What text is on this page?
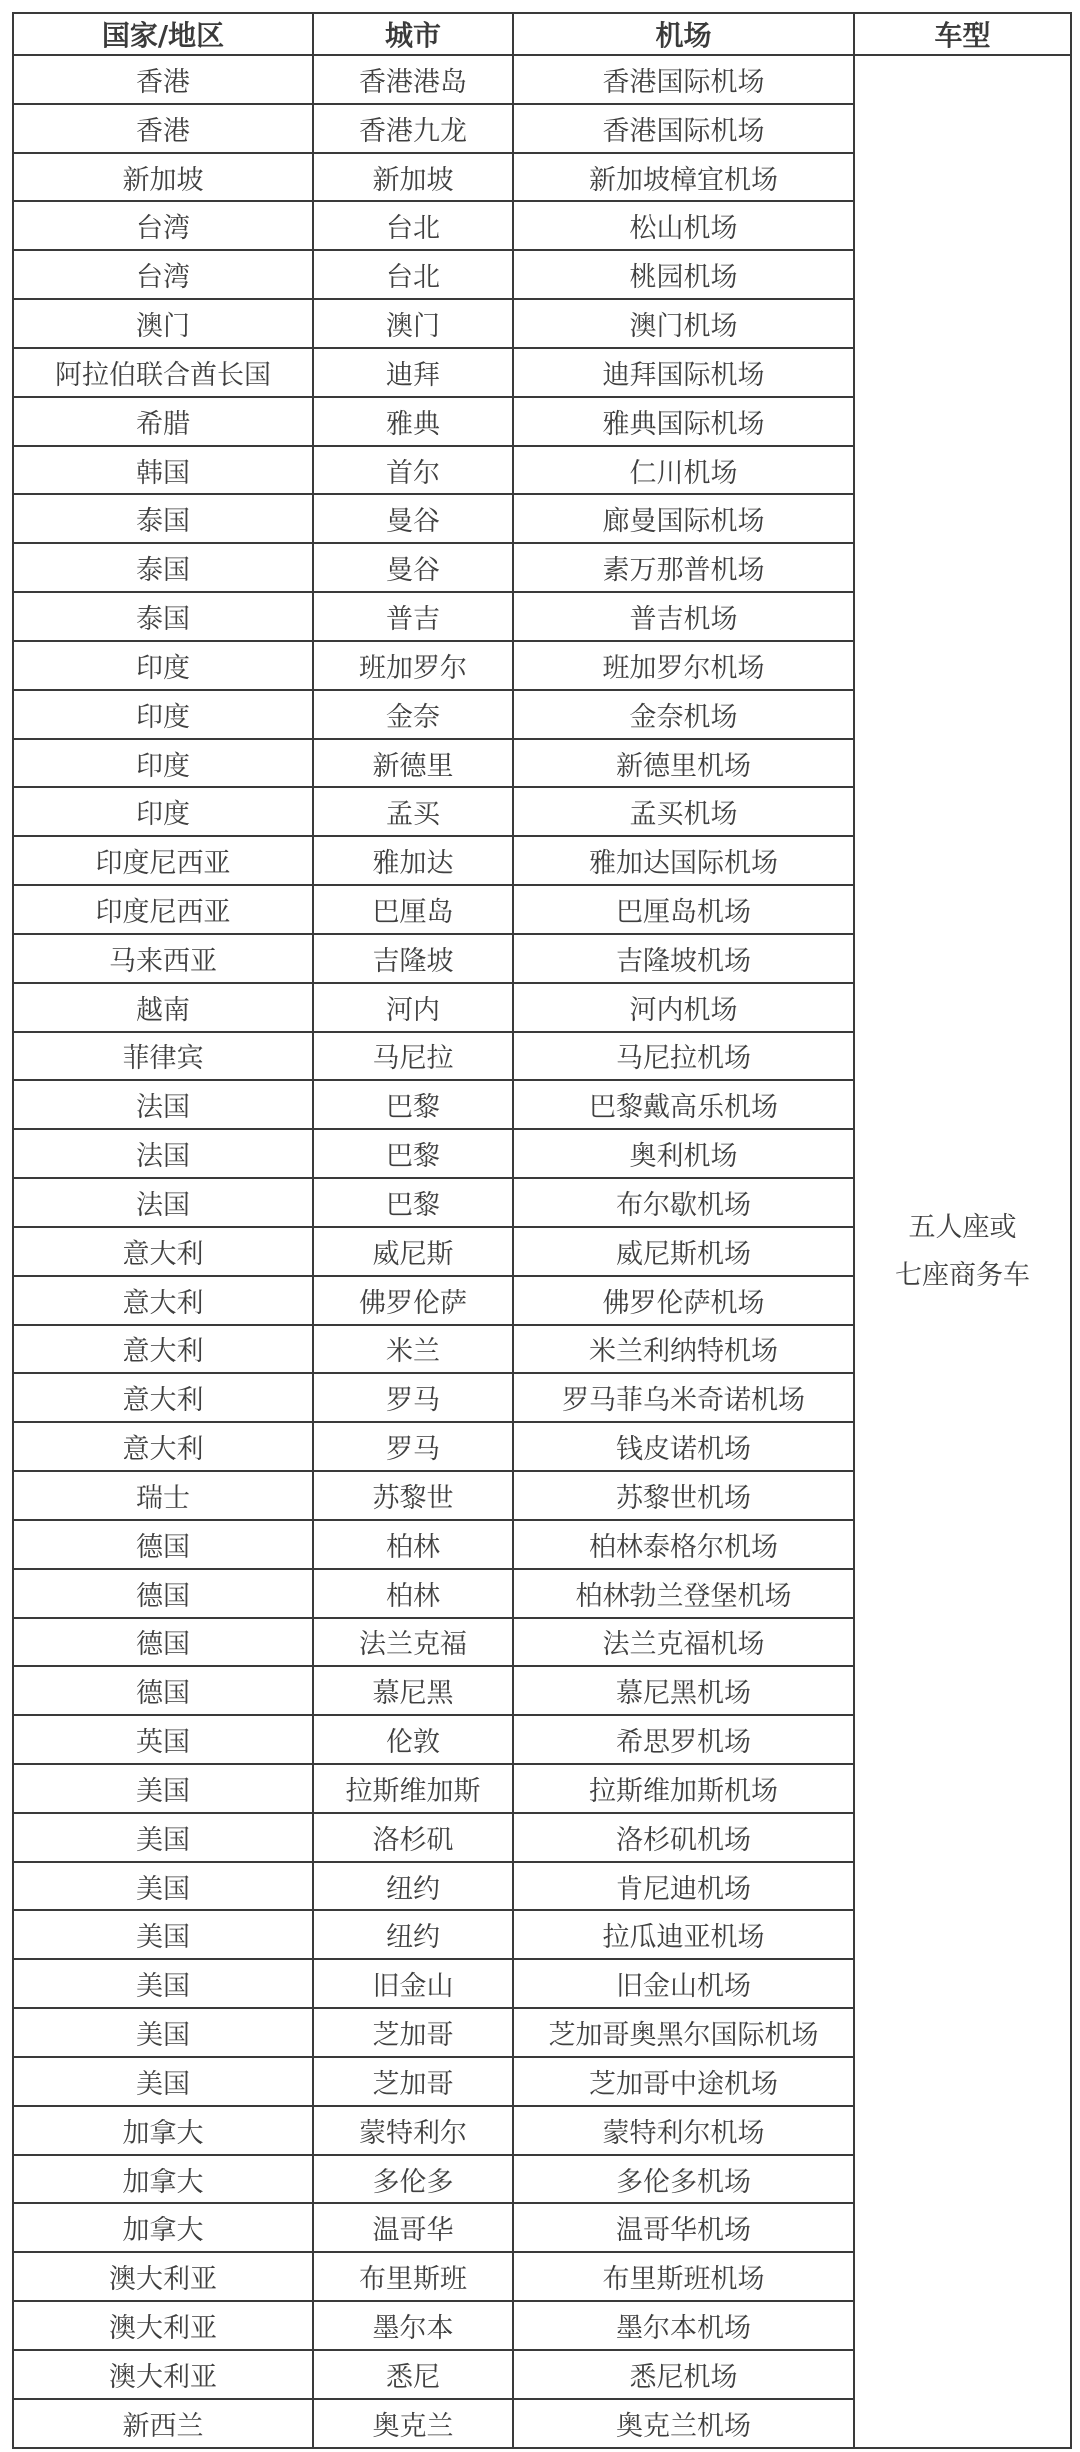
国家/地区	城市	机场	车型
香港	香港港岛	香港国际机场	五人座或
七座商务车

香港	香港九龙	香港国际机场	
新加坡	新加坡	新加坡樟宜机场	
台湾	台北	松山机场	
台湾	台北	桃园机场	
澳门	澳门	澳门机场	
阿拉伯联合酋长国	迪拜	迪拜国际机场	
希腊	雅典	雅典国际机场	
韩国	首尔	仁川机场	
泰国	曼谷	廊曼国际机场	
泰国	曼谷	素万那普机场	
泰国	普吉	普吉机场	
印度	班加罗尔	班加罗尔机场	
印度	金奈	金奈机场	
印度	新德里	新德里机场	
印度	孟买	孟买机场	
印度尼西亚	雅加达	雅加达国际机场	
印度尼西亚	巴厘岛	巴厘岛机场	
马来西亚	吉隆坡	吉隆坡机场	
越南	河内	河内机场	
菲律宾	马尼拉	马尼拉机场	
法国	巴黎	巴黎戴高乐机场	
法国	巴黎	奥利机场	
法国	巴黎	布尔歇机场	
意大利	威尼斯	威尼斯机场	
意大利	佛罗伦萨	佛罗伦萨机场	
意大利	米兰	米兰利纳特机场	
意大利	罗马	罗马菲乌米奇诺机场	
意大利	罗马	钱皮诺机场	
瑞士	苏黎世	苏黎世机场	
德国	柏林	柏林泰格尔机场	
德国	柏林	柏林勃兰登堡机场	
德国	法兰克福	法兰克福机场	
德国	慕尼黑	慕尼黑机场	
英国	伦敦	希思罗机场	
美国	拉斯维加斯	拉斯维加斯机场	
美国	洛杉矶	洛杉矶机场	
美国	纽约	肯尼迪机场	
美国	纽约	拉瓜迪亚机场	
美国	旧金山	旧金山机场	
美国	芝加哥	芝加哥奥黑尔国际机场	
美国	芝加哥	芝加哥中途机场	
加拿大	蒙特利尔	蒙特利尔机场	
加拿大	多伦多	多伦多机场	
加拿大	温哥华	温哥华机场	
澳大利亚	布里斯班	布里斯班机场	
澳大利亚	墨尔本	墨尔本机场	
澳大利亚	悉尼	悉尼机场	
新西兰	奥克兰	奥克兰机场	
